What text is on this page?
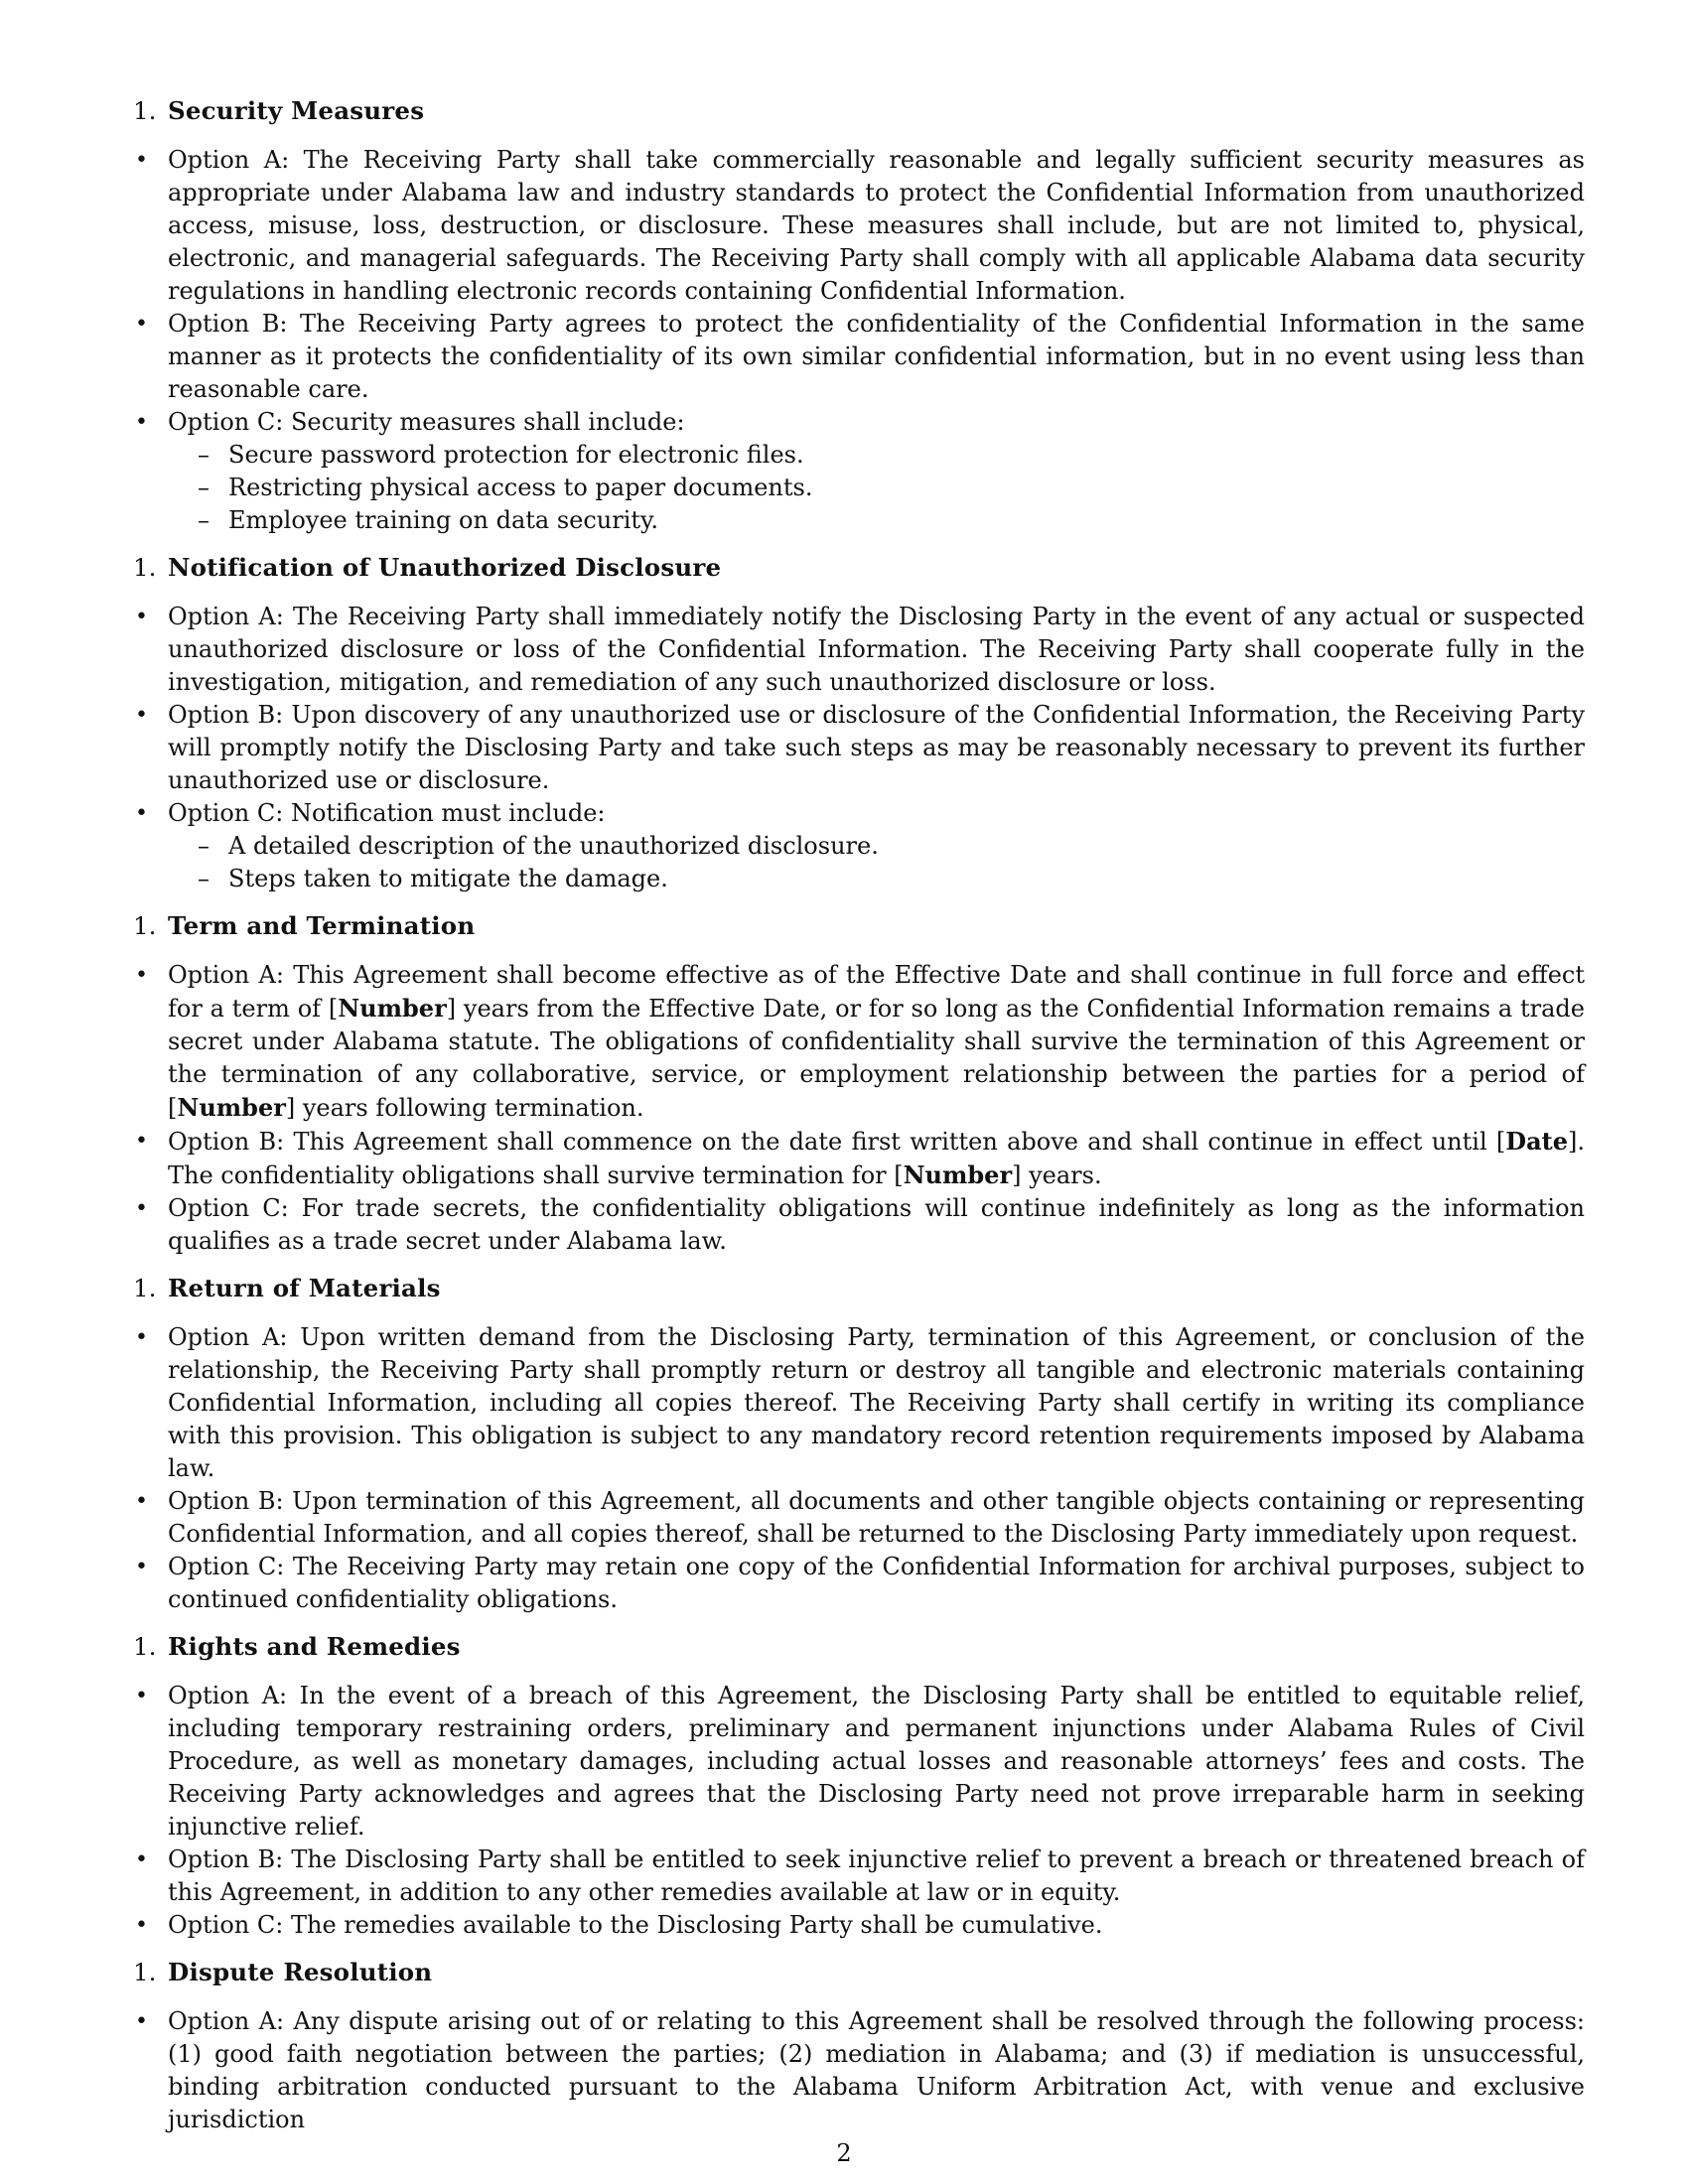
1. Security Measures
• Option A: The Receiving Party shall take commercially reasonable and legally sufficient security measures as appropriate under Alabama law and industry standards to protect the Confidential Information from unauthorized access, misuse, loss, destruction, or disclosure. These measures shall include, but are not limited to, physical, electronic, and managerial safeguards. The Receiving Party shall comply with all applicable Alabama data security regulations in handling electronic records containing Confidential Information.
• Option B: The Receiving Party agrees to protect the confidentiality of the Confidential Information in the same manner as it protects the confidentiality of its own similar confidential information, but in no event using less than reasonable care.
• Option C: Security measures shall include:
– Secure password protection for electronic files.
– Restricting physical access to paper documents.
– Employee training on data security.
1. Notification of Unauthorized Disclosure
• Option A: The Receiving Party shall immediately notify the Disclosing Party in the event of any actual or suspected unauthorized disclosure or loss of the Confidential Information. The Receiving Party shall cooperate fully in the investigation, mitigation, and remediation of any such unauthorized disclosure or loss.
• Option B: Upon discovery of any unauthorized use or disclosure of the Confidential Information, the Receiving Party will promptly notify the Disclosing Party and take such steps as may be reasonably necessary to prevent its further unauthorized use or disclosure.
• Option C: Notification must include:
– A detailed description of the unauthorized disclosure.
– Steps taken to mitigate the damage.
1. Term and Termination
• Option A: This Agreement shall become effective as of the Effective Date and shall continue in full force and effect for a term of [Number] years from the Effective Date, or for so long as the Confidential Information remains a trade secret under Alabama statute. The obligations of confidentiality shall survive the termination of this Agreement or the termination of any collaborative, service, or employment relationship between the parties for a period of [Number] years following termination.
• Option B: This Agreement shall commence on the date first written above and shall continue in effect until [Date]. The confidentiality obligations shall survive termination for [Number] years.
• Option C: For trade secrets, the confidentiality obligations will continue indefinitely as long as the information qualifies as a trade secret under Alabama law.
1. Return of Materials
• Option A: Upon written demand from the Disclosing Party, termination of this Agreement, or conclusion of the relationship, the Receiving Party shall promptly return or destroy all tangible and electronic materials containing Confidential Information, including all copies thereof. The Receiving Party shall certify in writing its compliance with this provision. This obligation is subject to any mandatory record retention requirements imposed by Alabama law.
• Option B: Upon termination of this Agreement, all documents and other tangible objects containing or representing Confidential Information, and all copies thereof, shall be returned to the Disclosing Party immediately upon request.
• Option C: The Receiving Party may retain one copy of the Confidential Information for archival purposes, subject to continued confidentiality obligations.
1. Rights and Remedies
• Option A: In the event of a breach of this Agreement, the Disclosing Party shall be entitled to equitable relief, including temporary restraining orders, preliminary and permanent injunctions under Alabama Rules of Civil Procedure, as well as monetary damages, including actual losses and reasonable attorneys’ fees and costs. The Receiving Party acknowledges and agrees that the Disclosing Party need not prove irreparable harm in seeking injunctive relief.
• Option B: The Disclosing Party shall be entitled to seek injunctive relief to prevent a breach or threatened breach of this Agreement, in addition to any other remedies available at law or in equity.
• Option C: The remedies available to the Disclosing Party shall be cumulative.
1. Dispute Resolution
• Option A: Any dispute arising out of or relating to this Agreement shall be resolved through the following process: (1) good faith negotiation between the parties; (2) mediation in Alabama; and (3) if mediation is unsuccessful, binding arbitration conducted pursuant to the Alabama Uniform Arbitration Act, with venue and exclusive jurisdiction
2
